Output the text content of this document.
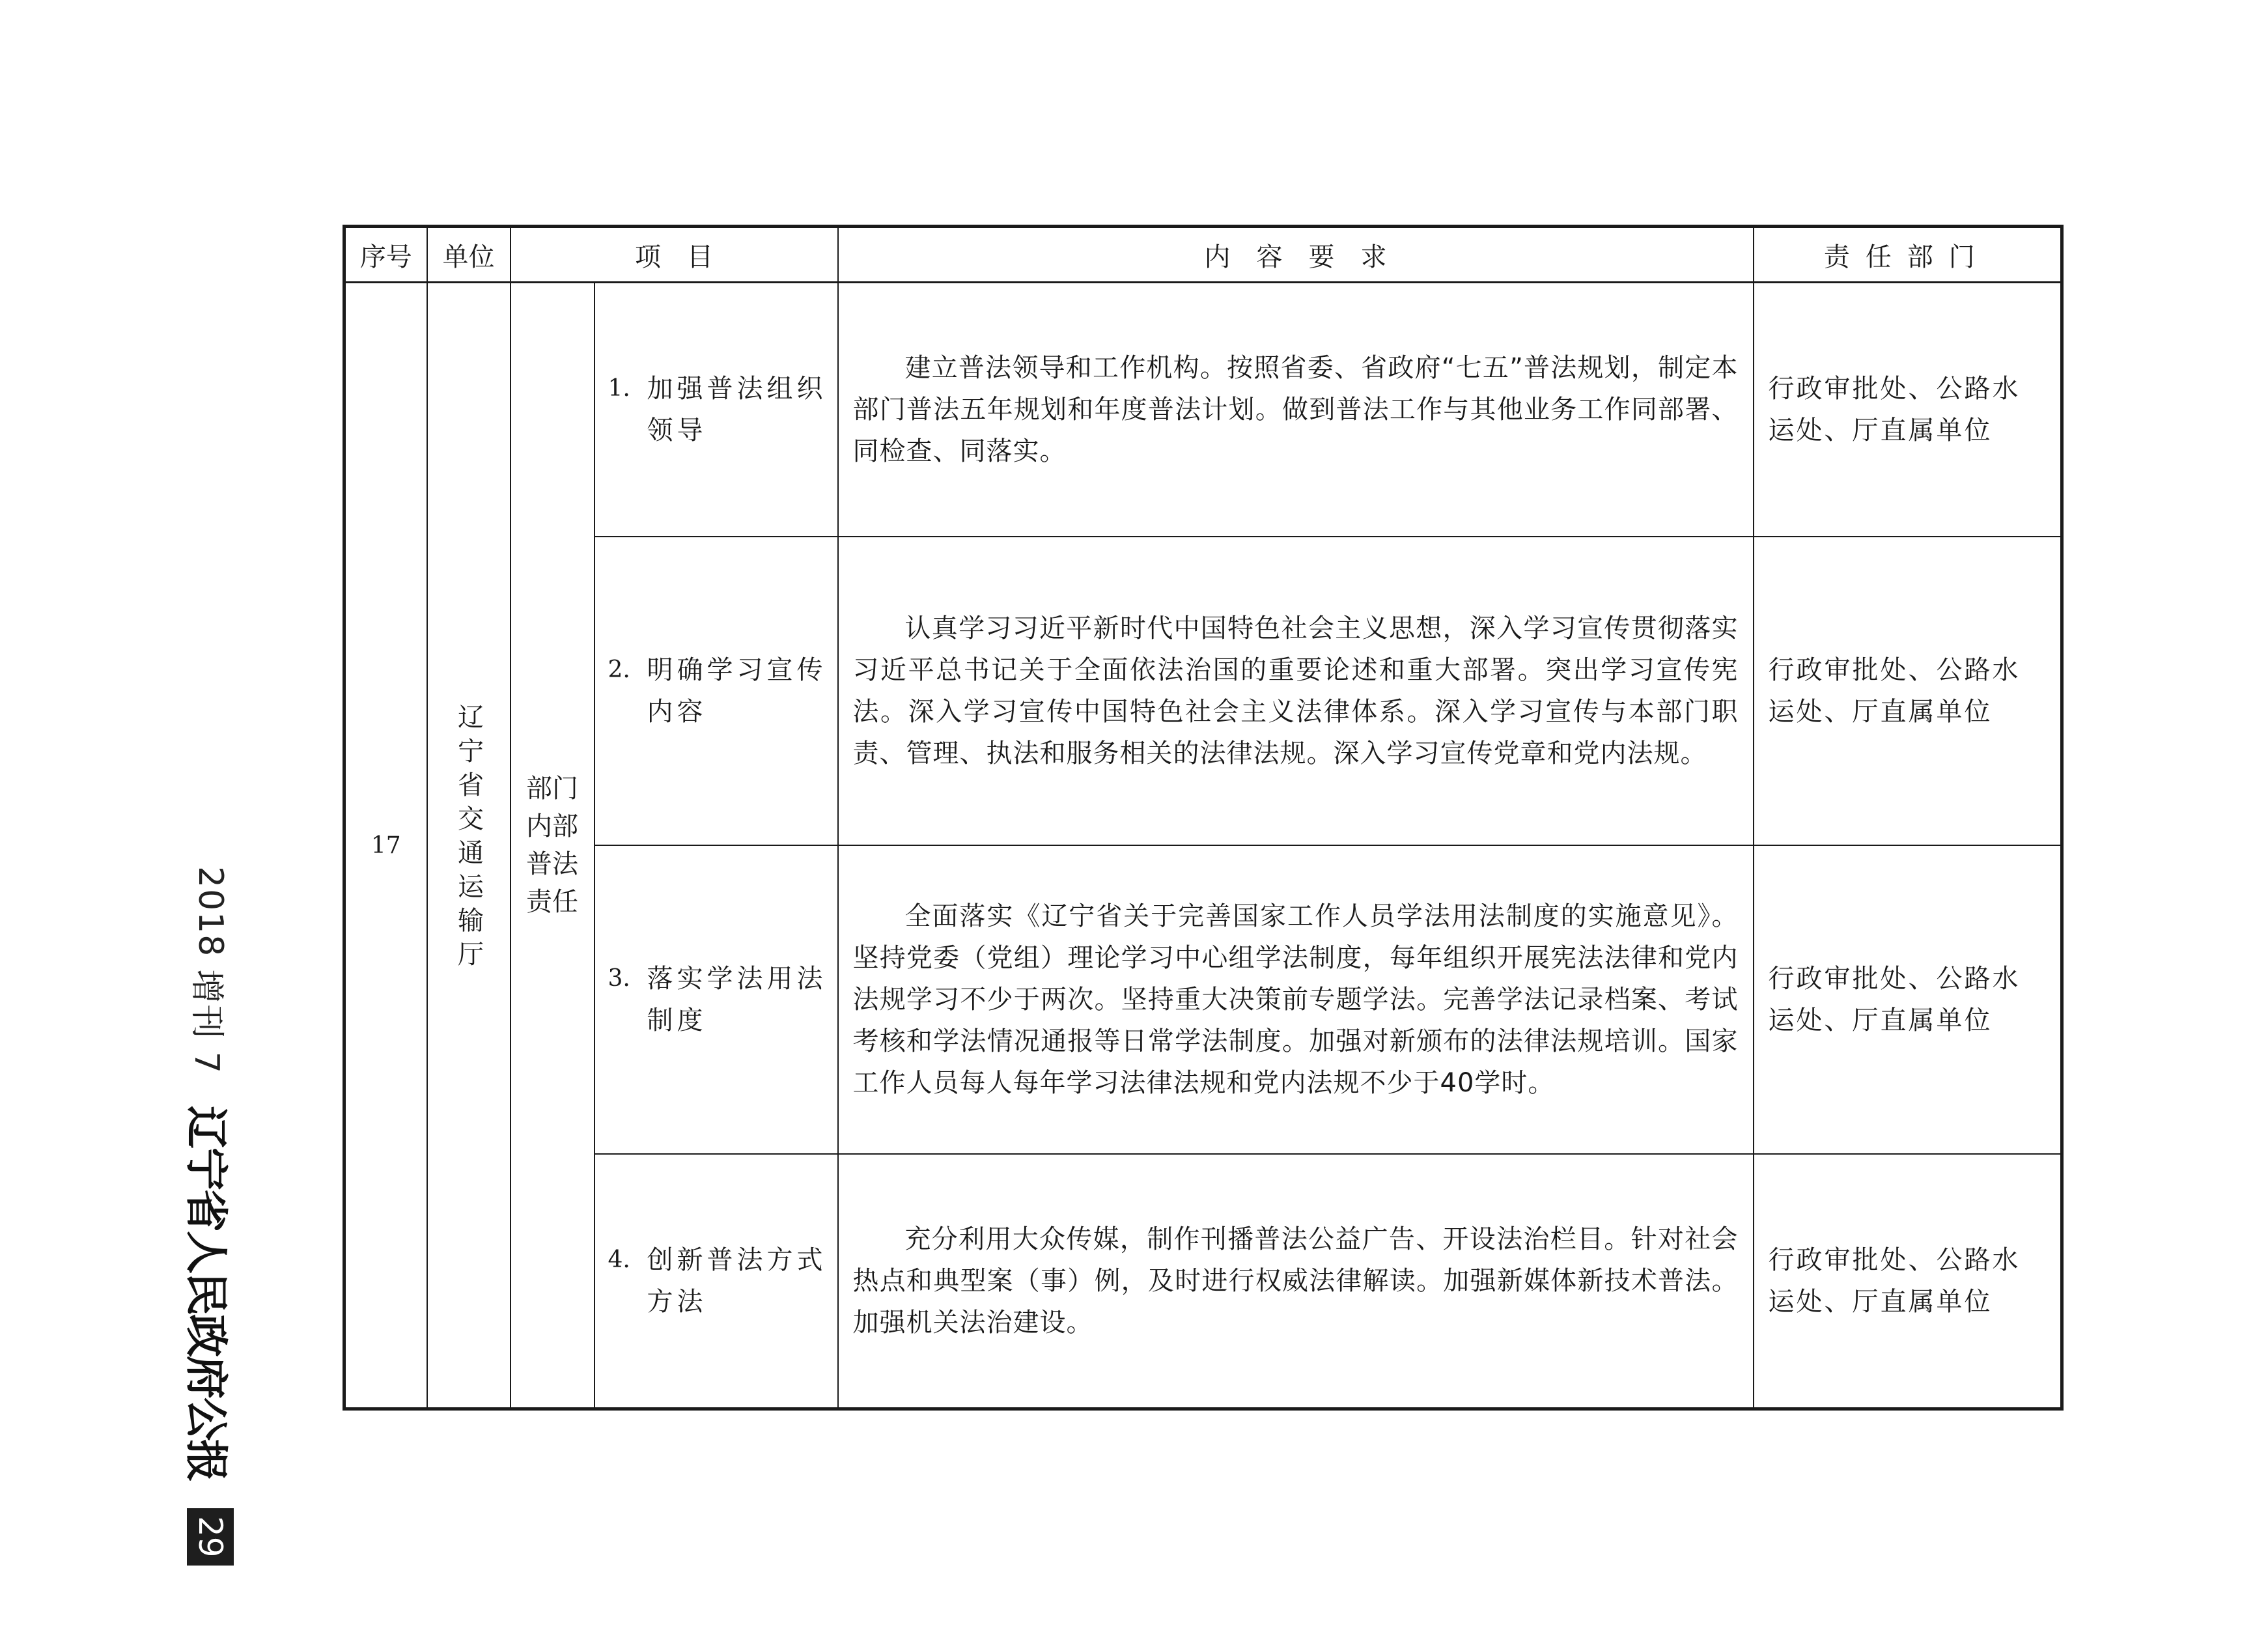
2018
增刊 7
辽宁省人民政府公报
29
序号	单位	项　目		内　容　要　求	责任部门
17	辽宁省交通运输厅	部门内部普法责任	1. 加强普法组织领导	建立普法领导和工作机构。按照省委、省政府“七五”普法规划，制定本部门普法五年规划和年度普法计划。做到普法工作与其他业务工作同部署、同检查、同落实。	行政审批处、公路水运处、厅直属单位

			2. 明确学习宣传内容	认真学习习近平新时代中国特色社会主义思想，深入学习宣传贯彻落实习近平总书记关于全面依法治国的重要论述和重大部署。突出学习宣传宪法。深入学习宣传中国特色社会主义法律体系。深入学习宣传与本部门职责、管理、执法和服务相关的法律法规。深入学习宣传党章和党内法规。	行政审批处、公路水运处、厅直属单位

			3. 落实学法用法制度	全面落实《辽宁省关于完善国家工作人员学法用法制度的实施意见》。坚持党委（党组）理论学习中心组学法制度，每年组织开展宪法法律和党内法规学习不少于两次。坚持重大决策前专题学法。完善学法记录档案、考试考核和学法情况通报等日常学法制度。加强对新颁布的法律法规培训。国家工作人员每人每年学习法律法规和党内法规不少于40学时。	行政审批处、公路水运处、厅直属单位

			4. 创新普法方式方法	充分利用大众传媒，制作刊播普法公益广告、开设法治栏目。针对社会热点和典型案（事）例，及时进行权威法律解读。加强新媒体新技术普法。加强机关法治建设。	行政审批处、公路水运处、厅直属单位
